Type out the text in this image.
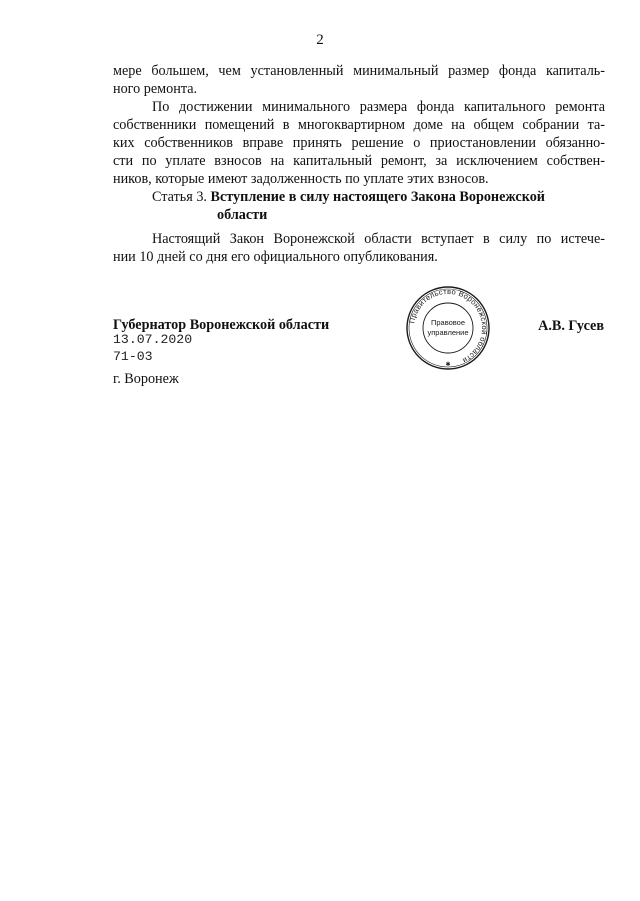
2
мере большем, чем установленный минимальный размер фонда капиталь-
ного ремонта.
По достижении минимального размера фонда капитального ремонта
собственники помещений в многоквартирном доме на общем собрании та-
ких собственников вправе принять решение о приостановлении обязанно-
сти по уплате взносов на капитальный ремонт, за исключением собствен-
ников, которые имеют задолженность по уплате этих взносов.
Статья 3. Вступление в силу настоящего Закона Воронежской
области
Настоящий Закон Воронежской области вступает в силу по истече-
нии 10 дней со дня его официального опубликования.
Губернатор Воронежской области	А.В. Гусев
13.07.2020
71-03
г. Воронеж
Правительство Воронежской области
✱
Правовое
управление
